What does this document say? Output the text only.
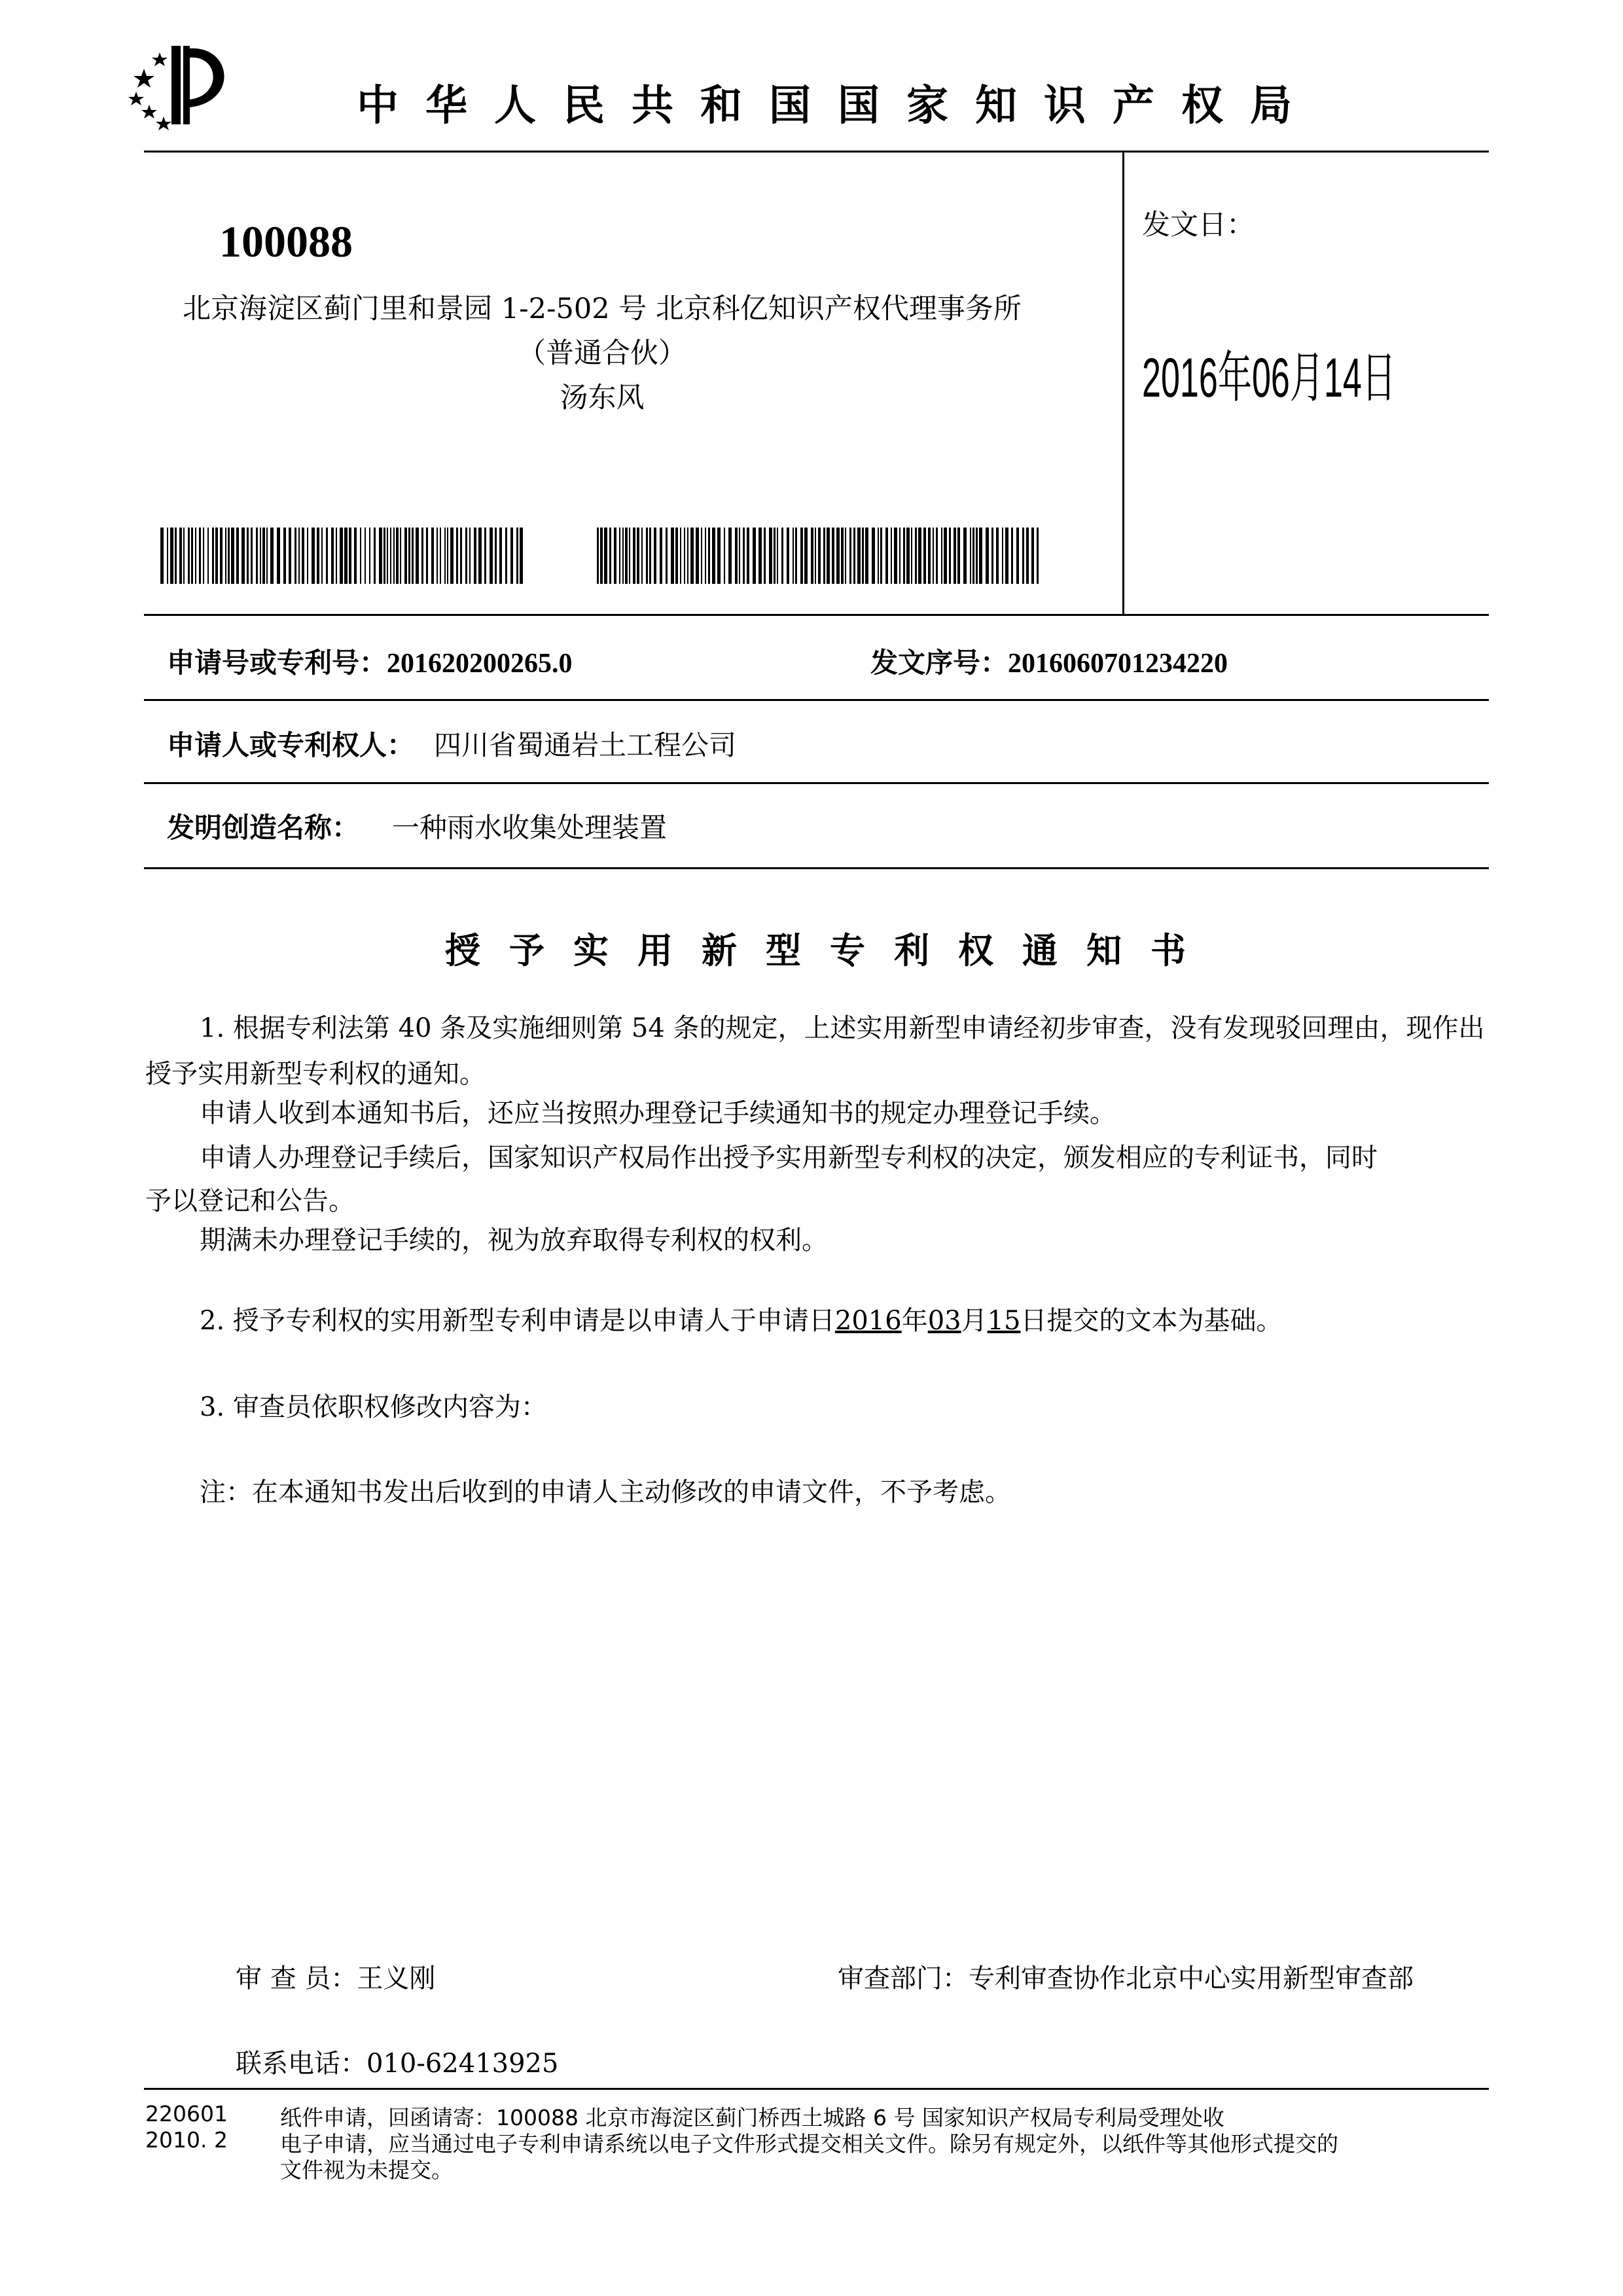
中华人民共和国国家知识产权局
100088
北京海淀区蓟门里和景园 1-2-502 号 北京科亿知识产权代理事务所
（普通合伙）
汤东风
发文日：
2016年06月14日
申请号或专利号：201620200265.0	发文序号：2016060701234220
申请人或专利权人： 四川省蜀通岩土工程公司
发明创造名称： 一种雨水收集处理装置
授予实用新型专利权通知书
1. 根据专利法第 40 条及实施细则第 54 条的规定，上述实用新型申请经初步审查，没有发现驳回理由，现作出
授予实用新型专利权的通知。
申请人收到本通知书后，还应当按照办理登记手续通知书的规定办理登记手续。
申请人办理登记手续后，国家知识产权局作出授予实用新型专利权的决定，颁发相应的专利证书，同时
予以登记和公告。
期满未办理登记手续的，视为放弃取得专利权的权利。
2. 授予专利权的实用新型专利申请是以申请人于申请日2016年03月15日提交的文本为基础。
3. 审查员依职权修改内容为：
注：在本通知书发出后收到的申请人主动修改的申请文件，不予考虑。
审 查 员：王义刚	审查部门：专利审查协作北京中心实用新型审查部
联系电话：010-62413925
220601
2010. 2
纸件申请，回函请寄：100088 北京市海淀区蓟门桥西土城路 6 号 国家知识产权局专利局受理处收
电子申请，应当通过电子专利申请系统以电子文件形式提交相关文件。除另有规定外，以纸件等其他形式提交的
文件视为未提交。
